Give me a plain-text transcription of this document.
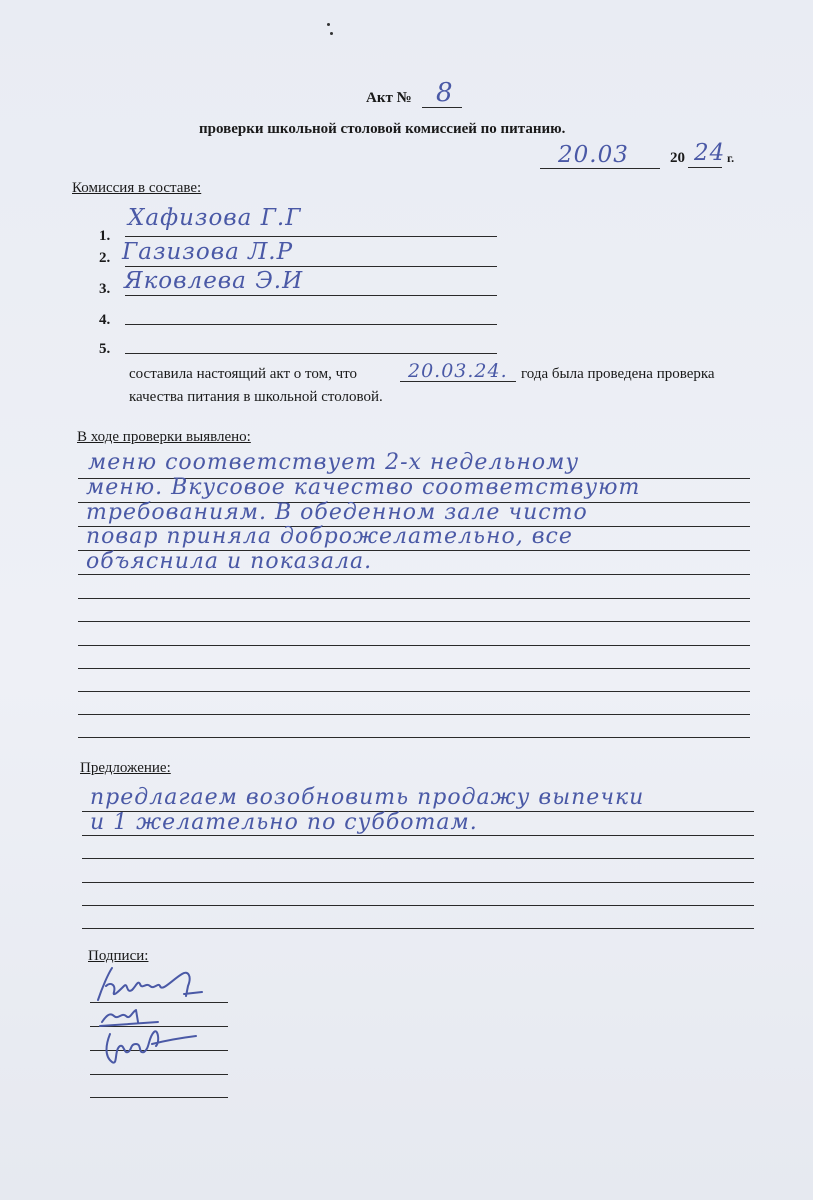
Акт № 8
проверки школьной столовой комиссией по питанию.
20.03	20 24 г.
Комиссия в составе:
1.
Хафизова Г.Г
2. Газизова Л.Р
3. Яковлева Э.И
4.
5.
составила настоящий акт о том, что	20.03.24. года была проведена проверка
качества питания в школьной столовой.
В ходе проверки выявлено:
меню соответствует 2-х недельному
меню. Вкусовое качество соответствуют
требованиям. В обеденном зале чисто
повар приняла доброжелательно, все
объяснила и показала.
Предложение:
предлагаем возобновить продажу выпечки
и 1 желательно по субботам.
Подписи:
